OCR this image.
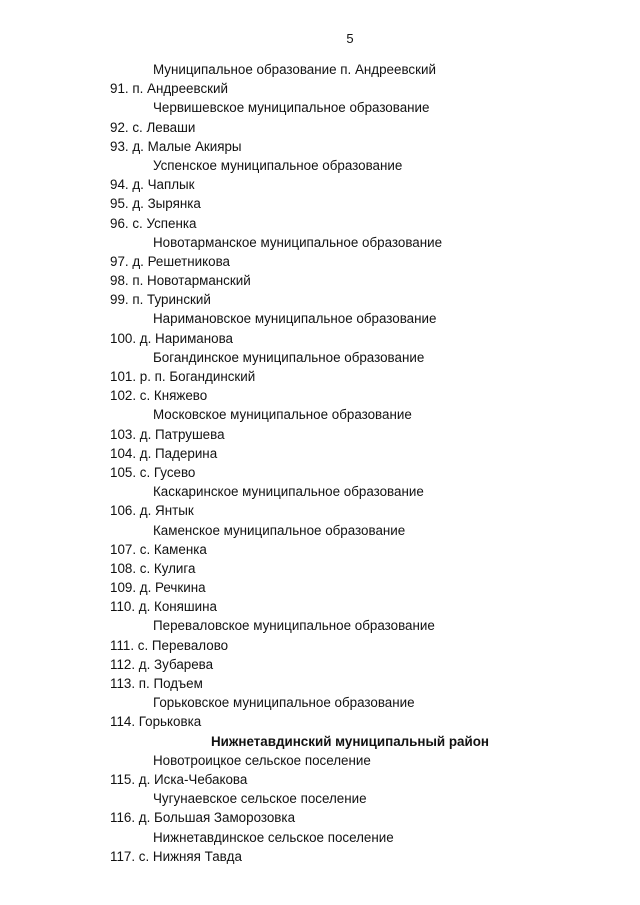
5
Муниципальное образование п. Андреевский
91. п. Андреевский
Червишевское муниципальное образование
92. с. Леваши
93. д. Малые Акияры
Успенское муниципальное образование
94. д. Чаплык
95. д. Зырянка
96. с. Успенка
Новотарманское муниципальное образование
97. д. Решетникова
98. п. Новотарманский
99. п. Туринский
Наримановское муниципальное образование
100. д. Нариманова
Богандинское муниципальное образование
101. р. п. Богандинский
102. с. Княжево
Московское муниципальное образование
103. д. Патрушева
104. д. Падерина
105. с. Гусево
Каскаринское муниципальное образование
106. д. Янтык
Каменское муниципальное образование
107. с. Каменка
108. с. Кулига
109. д. Речкина
110. д. Коняшина
Перевaловское муниципальное образование
111. с. Перевалово
112. д. Зубарева
113. п. Подъем
Горьковское муниципальное образование
114. Горьковка
Нижнетавдинский муниципальный район
Новотроицкое сельское поселение
115. д. Иска-Чебакова
Чугунаевское сельское поселение
116. д. Большая Заморозовка
Нижнетавдинское сельское поселение
117. с. Нижняя Тавда
